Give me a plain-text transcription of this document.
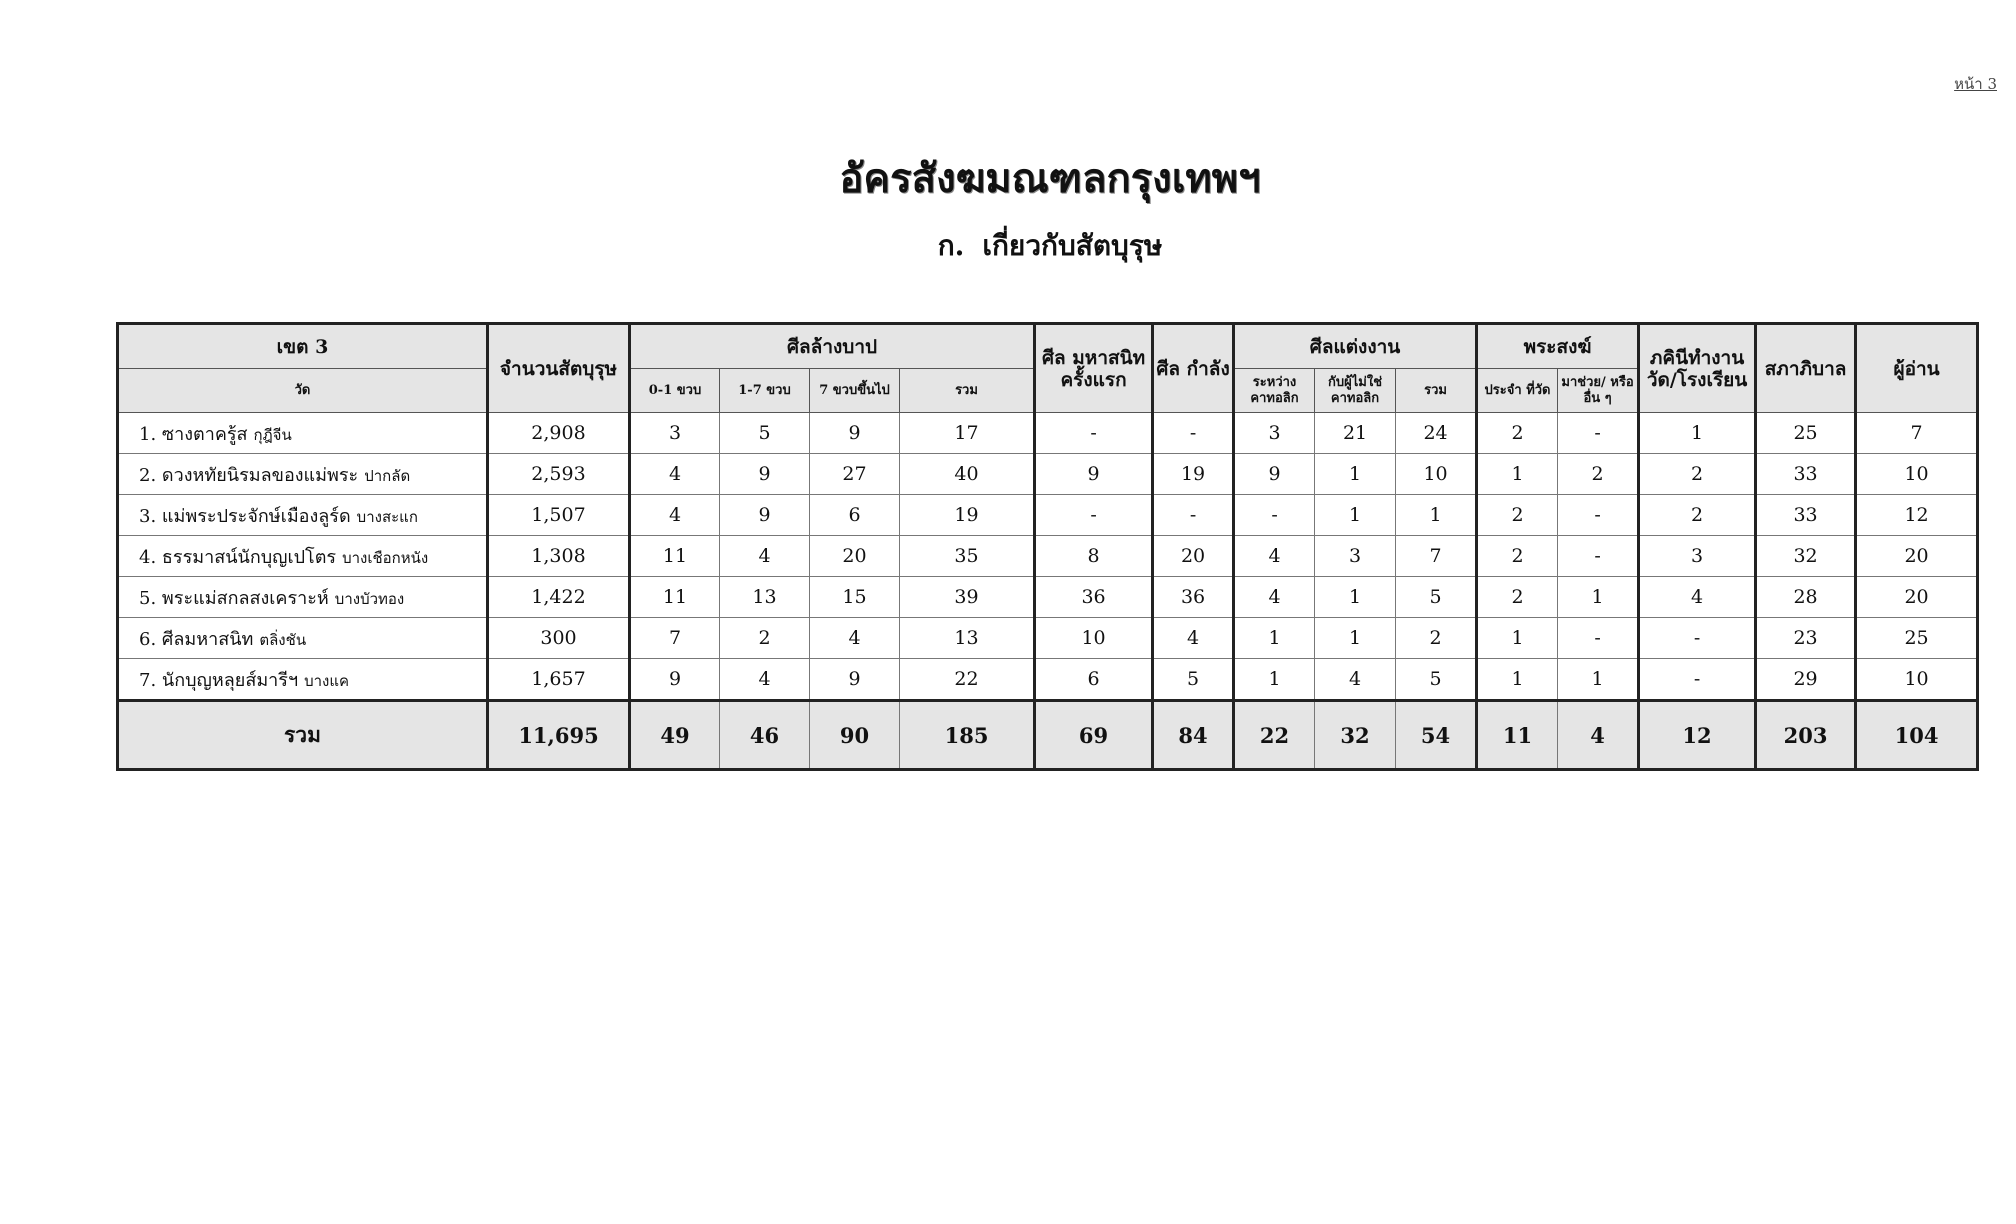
หน้า 3
อัครสังฆมณฑลกรุงเทพฯ
ก. เกี่ยวกับสัตบุรุษ
เขต 3	จำนวนสัตบุรุษ	ศีลล้างบาป				ศีล มหาสนิท ครั้งแรก	ศีล กำลัง	ศีลแต่งงาน			พระสงฆ์		ภคินีทำงาน วัด/โรงเรียน	สภาภิบาล	ผู้อ่าน
วัด		0-1 ขวบ	1-7 ขวบ	7 ขวบขึ้นไป	รวม			ระหว่าง คาทอลิก	กับผู้ไม่ใช่ คาทอลิก	รวม	ประจำ ที่วัด	มาช่วย/ หรืออื่น ๆ			
1. ซางตาครู้ส กุฎีจีน	2,908	3	5	9	17	-	-	3	21	24	2	-	1	25	7
2. ดวงหทัยนิรมลของแม่พระ ปากลัด	2,593	4	9	27	40	9	19	9	1	10	1	2	2	33	10
3. แม่พระประจักษ์เมืองลูร์ด บางสะแก	1,507	4	9	6	19	-	-	-	1	1	2	-	2	33	12
4. ธรรมาสน์นักบุญเปโตร บางเชือกหนัง	1,308	11	4	20	35	8	20	4	3	7	2	-	3	32	20
5. พระแม่สกลสงเคราะห์ บางบัวทอง	1,422	11	13	15	39	36	36	4	1	5	2	1	4	28	20
6. ศีลมหาสนิท ตลิ่งชัน	300	7	2	4	13	10	4	1	1	2	1	-	-	23	25
7. นักบุญหลุยส์มารีฯ บางแค	1,657	9	4	9	22	6	5	1	4	5	1	1	-	29	10
รวม	11,695	49	46	90	185	69	84	22	32	54	11	4	12	203	104
